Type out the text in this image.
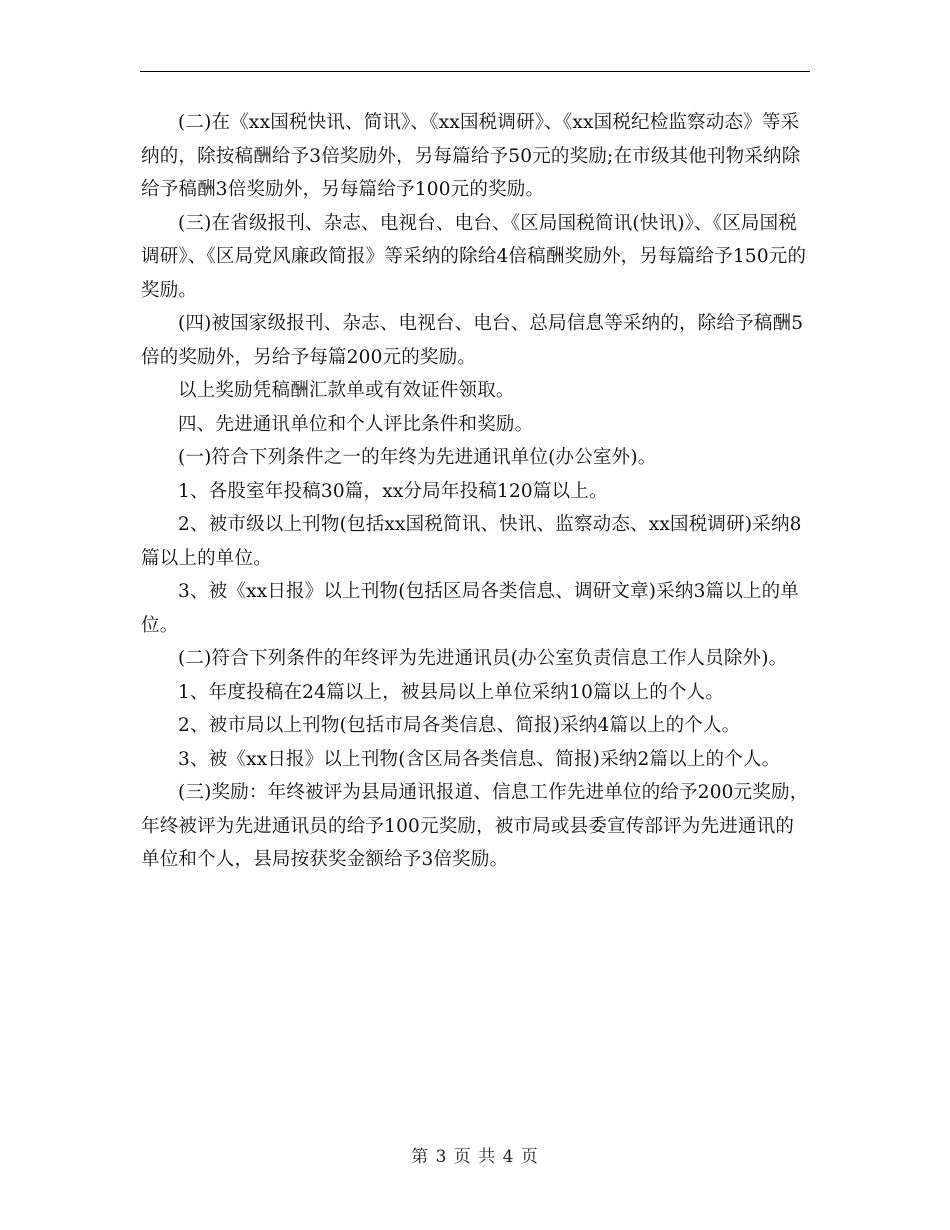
(二)在《xx国税快讯、简讯》、《xx国税调研》、《xx国税纪检监察动态》等采纳的，除按稿酬给予3倍奖励外，另每篇给予50元的奖励;在市级其他刊物采纳除给予稿酬3倍奖励外，另每篇给予100元的奖励。

(三)在省级报刊、杂志、电视台、电台、《区局国税简讯(快讯)》、《区局国税调研》、《区局党风廉政简报》等采纳的除给4倍稿酬奖励外，另每篇给予150元的奖励。

(四)被国家级报刊、杂志、电视台、电台、总局信息等采纳的，除给予稿酬5倍的奖励外，另给予每篇200元的奖励。

以上奖励凭稿酬汇款单或有效证件领取。

四、先进通讯单位和个人评比条件和奖励。

(一)符合下列条件之一的年终为先进通讯单位(办公室外)。

1、各股室年投稿30篇，xx分局年投稿120篇以上。

2、被市级以上刊物(包括xx国税简讯、快讯、监察动态、xx国税调研)采纳8篇以上的单位。

3、被《xx日报》以上刊物(包括区局各类信息、调研文章)采纳3篇以上的单位。

(二)符合下列条件的年终评为先进通讯员(办公室负责信息工作人员除外)。

1、年度投稿在24篇以上，被县局以上单位采纳10篇以上的个人。

2、被市局以上刊物(包括市局各类信息、简报)采纳4篇以上的个人。

3、被《xx日报》以上刊物(含区局各类信息、简报)采纳2篇以上的个人。

(三)奖励：年终被评为县局通讯报道、信息工作先进单位的给予200元奖励，年终被评为先进通讯员的给予100元奖励，被市局或县委宣传部评为先进通讯的单位和个人，县局按获奖金额给予3倍奖励。

第 3 页 共 4 页
